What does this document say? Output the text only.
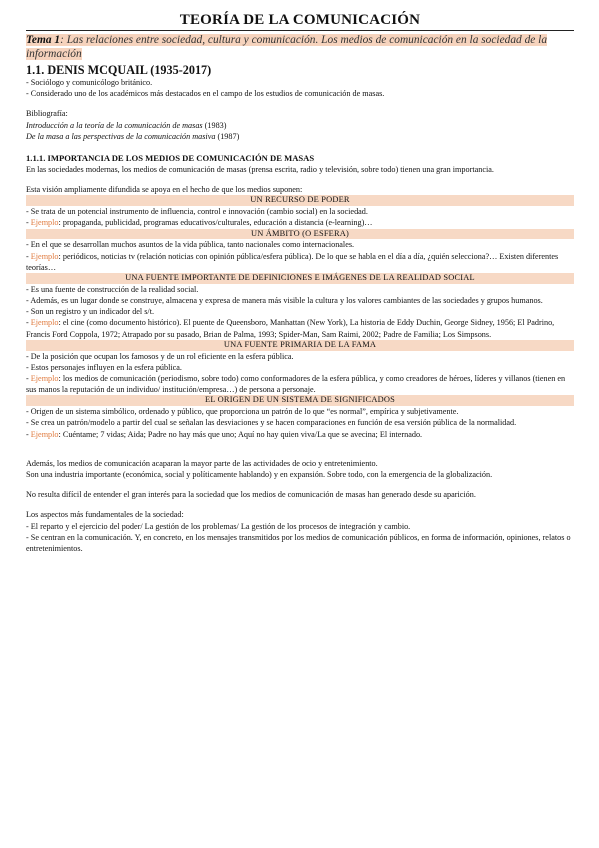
TEORÍA DE LA COMUNICACIÓN
Tema 1: Las relaciones entre sociedad, cultura y comunicación. Los medios de comunicación en la sociedad de la información
1.1. DENIS MCQUAIL (1935-2017)
- Sociólogo y comunicólogo británico.
- Considerado uno de los académicos más destacados en el campo de los estudios de comunicación de masas.
Bibliografía:
Introducción a la teoría de la comunicación de masas (1983)
De la masa a las perspectivas de la comunicación masiva (1987)
1.1.1. IMPORTANCIA DE LOS MEDIOS DE COMUNICACIÓN DE MASAS
En las sociedades modernas, los medios de comunicación de masas (prensa escrita, radio y televisión, sobre todo) tienen una gran importancia.
Esta visión ampliamente difundida se apoya en el hecho de que los medios suponen:
UN RECURSO DE PODER
- Se trata de un potencial instrumento de influencia, control e innovación (cambio social) en la sociedad.
- Ejemplo: propaganda, publicidad, programas educativos/culturales, educación a distancia (e-learning)…
UN ÁMBITO (O ESFERA)
- En el que se desarrollan muchos asuntos de la vida pública, tanto nacionales como internacionales.
- Ejemplo: periódicos, noticias tv (relación noticias con opinión pública/esfera pública). De lo que se habla en el día a día, ¿quién selecciona?… Existen diferentes teorías…
UNA FUENTE IMPORTANTE DE DEFINICIONES E IMÁGENES DE LA REALIDAD SOCIAL
- Es una fuente de construcción de la realidad social.
- Además, es un lugar donde se construye, almacena y expresa de manera más visible la cultura y los valores cambiantes de las sociedades y grupos humanos.
- Son un registro y un indicador del s/t.
- Ejemplo: el cine (como documento histórico). El puente de Queensboro, Manhattan (New York), La historia de Eddy Duchin, George Sidney, 1956; El Padrino, Francis Ford Coppola, 1972; Atrapado por su pasado, Brian de Palma, 1993; Spider-Man, Sam Raimi, 2002; Padre de Familia; Los Simpsons.
UNA FUENTE PRIMARIA DE LA FAMA
- De la posición que ocupan los famosos y de un rol eficiente en la esfera pública.
- Estos personajes influyen en la esfera pública.
- Ejemplo: los medios de comunicación (periodismo, sobre todo) como conformadores de la esfera pública, y como creadores de héroes, líderes y villanos (tienen en sus manos la reputación de un individuo/ institución/empresa…) de persona a personaje.
EL ORIGEN DE UN SISTEMA DE SIGNIFICADOS
- Origen de un sistema simbólico, ordenado y público, que proporciona un patrón de lo que “es normal”, empírica y subjetivamente.
- Se crea un patrón/modelo a partir del cual se señalan las desviaciones y se hacen comparaciones en función de esa versión pública de la normalidad.
- Ejemplo: Cuéntame; 7 vidas; Aida; Padre no hay más que uno; Aquí no hay quien viva/La que se avecina; El internado.
Además, los medios de comunicación acaparan la mayor parte de las actividades de ocio y entretenimiento.
Son una industria importante (económica, social y políticamente hablando) y en expansión. Sobre todo, con la emergencia de la globalización.
No resulta difícil de entender el gran interés para la sociedad que los medios de comunicación de masas han generado desde su aparición.
Los aspectos más fundamentales de la sociedad:
- El reparto y el ejercicio del poder/ La gestión de los problemas/ La gestión de los procesos de integración y cambio.
- Se centran en la comunicación. Y, en concreto, en los mensajes transmitidos por los medios de comunicación públicos, en forma de información, opiniones, relatos o entretenimientos.
